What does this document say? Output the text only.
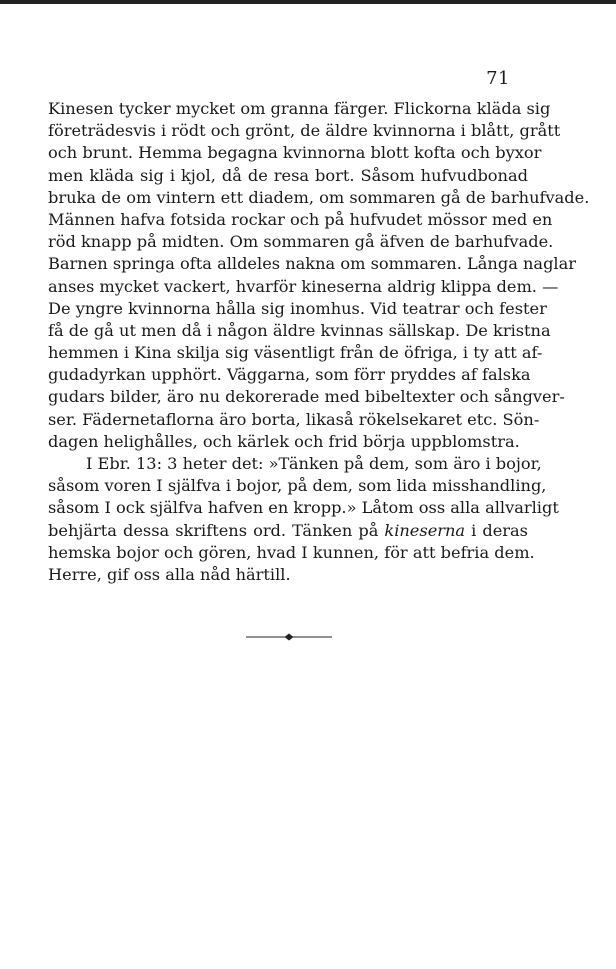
71
Kinesen tycker mycket om granna färger. Flickorna kläda sig
företrädesvis i rödt och grönt, de äldre kvinnorna i blått, grått
och brunt. Hemma begagna kvinnorna blott kofta och byxor
men kläda sig i kjol, då de resa bort. Såsom hufvudbonad
bruka de om vintern ett diadem, om sommaren gå de barhufvade.
Männen hafva fotsida rockar och på hufvudet mössor med en
röd knapp på midten. Om sommaren gå äfven de barhufvade.
Barnen springa ofta alldeles nakna om sommaren. Långa naglar
anses mycket vackert, hvarför kineserna aldrig klippa dem. —
De yngre kvinnorna hålla sig inomhus. Vid teatrar och fester
få de gå ut men då i någon äldre kvinnas sällskap. De kristna
hemmen i Kina skilja sig väsentligt från de öfriga, i ty att af-
gudadyrkan upphört. Väggarna, som förr pryddes af falska
gudars bilder, äro nu dekorerade med bibeltexter och sångver-
ser. Fädernetaflorna äro borta, likaså rökelsekaret etc. Sön-
dagen helighålles, och kärlek och frid börja uppblomstra.
I Ebr. 13: 3 heter det: »Tänken på dem, som äro i bojor,
såsom voren I själfva i bojor, på dem, som lida misshandling,
såsom I ock själfva hafven en kropp.» Låtom oss alla allvarligt
behjärta dessa skriftens ord. Tänken på kineserna i deras
hemska bojor och gören, hvad I kunnen, för att befria dem.
Herre, gif oss alla nåd härtill.
